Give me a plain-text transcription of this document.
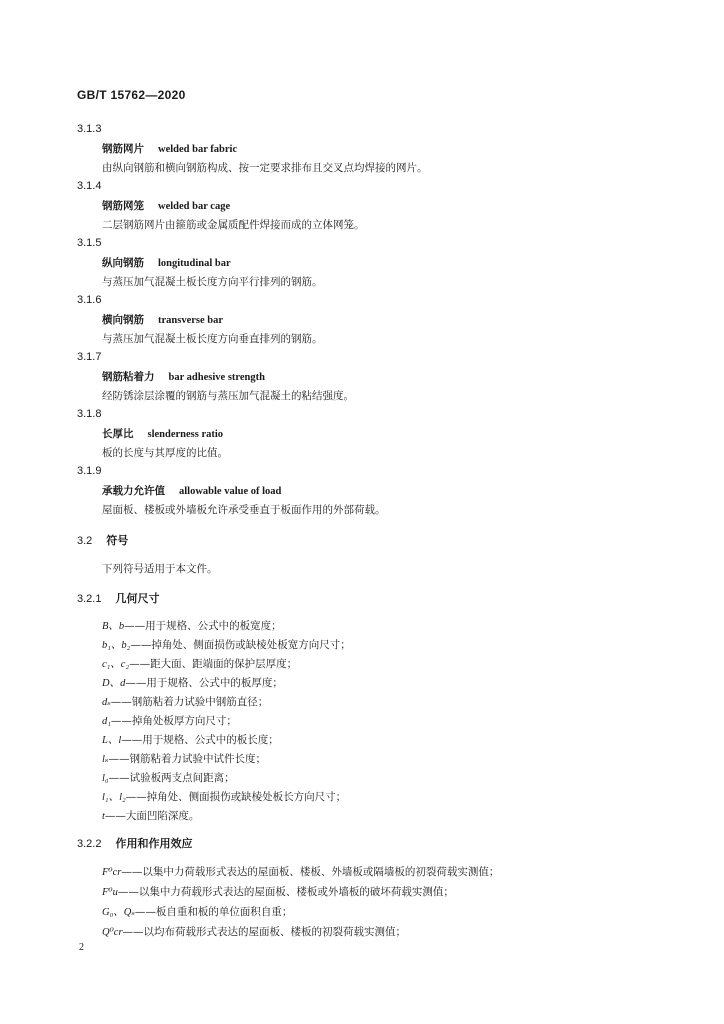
GB/T 15762—2020
3.1.3
钢筋网片 welded bar fabric
由纵向钢筋和横向钢筋构成、按一定要求排布且交叉点均焊接的网片。
3.1.4
钢筋网笼 welded bar cage
二层钢筋网片由箍筋或金属质配件焊接而成的立体网笼。
3.1.5
纵向钢筋 longitudinal bar
与蒸压加气混凝土板长度方向平行排列的钢筋。
3.1.6
横向钢筋 transverse bar
与蒸压加气混凝土板长度方向垂直排列的钢筋。
3.1.7
钢筋粘着力 bar adhesive strength
经防锈涂层涂覆的钢筋与蒸压加气混凝土的粘结强度。
3.1.8
长厚比 slenderness ratio
板的长度与其厚度的比值。
3.1.9
承载力允许值 allowable value of load
屋面板、楼板或外墙板允许承受垂直于板面作用的外部荷载。
3.2 符号
下列符号适用于本文件。
3.2.1 几何尺寸
B、b——用于规格、公式中的板宽度；
b₁、b₂——掉角处、侧面损伤或缺棱处板宽方向尺寸；
c₁、c₂——距大面、距端面的保护层厚度；
D、d——用于规格、公式中的板厚度；
dₛ——钢筋粘着力试验中钢筋直径；
d₁——掉角处板厚方向尺寸；
L、l——用于规格、公式中的板长度；
lₛ——钢筋粘着力试验中试件长度；
l₀——试验板两支点间距离；
l₁、l₂——掉角处、侧面损伤或缺棱处板长方向尺寸；
t——大面凹陷深度。
3.2.2 作用和作用效应
F⁰cr——以集中力荷载形式表达的屋面板、楼板、外墙板或隔墙板的初裂荷载实测值；
F⁰u——以集中力荷载形式表达的屋面板、楼板或外墙板的破坏荷载实测值；
G₀、Qₛ——板自重和板的单位面积自重；
Q⁰cr——以均布荷载形式表达的屋面板、楼板的初裂荷载实测值；
2
